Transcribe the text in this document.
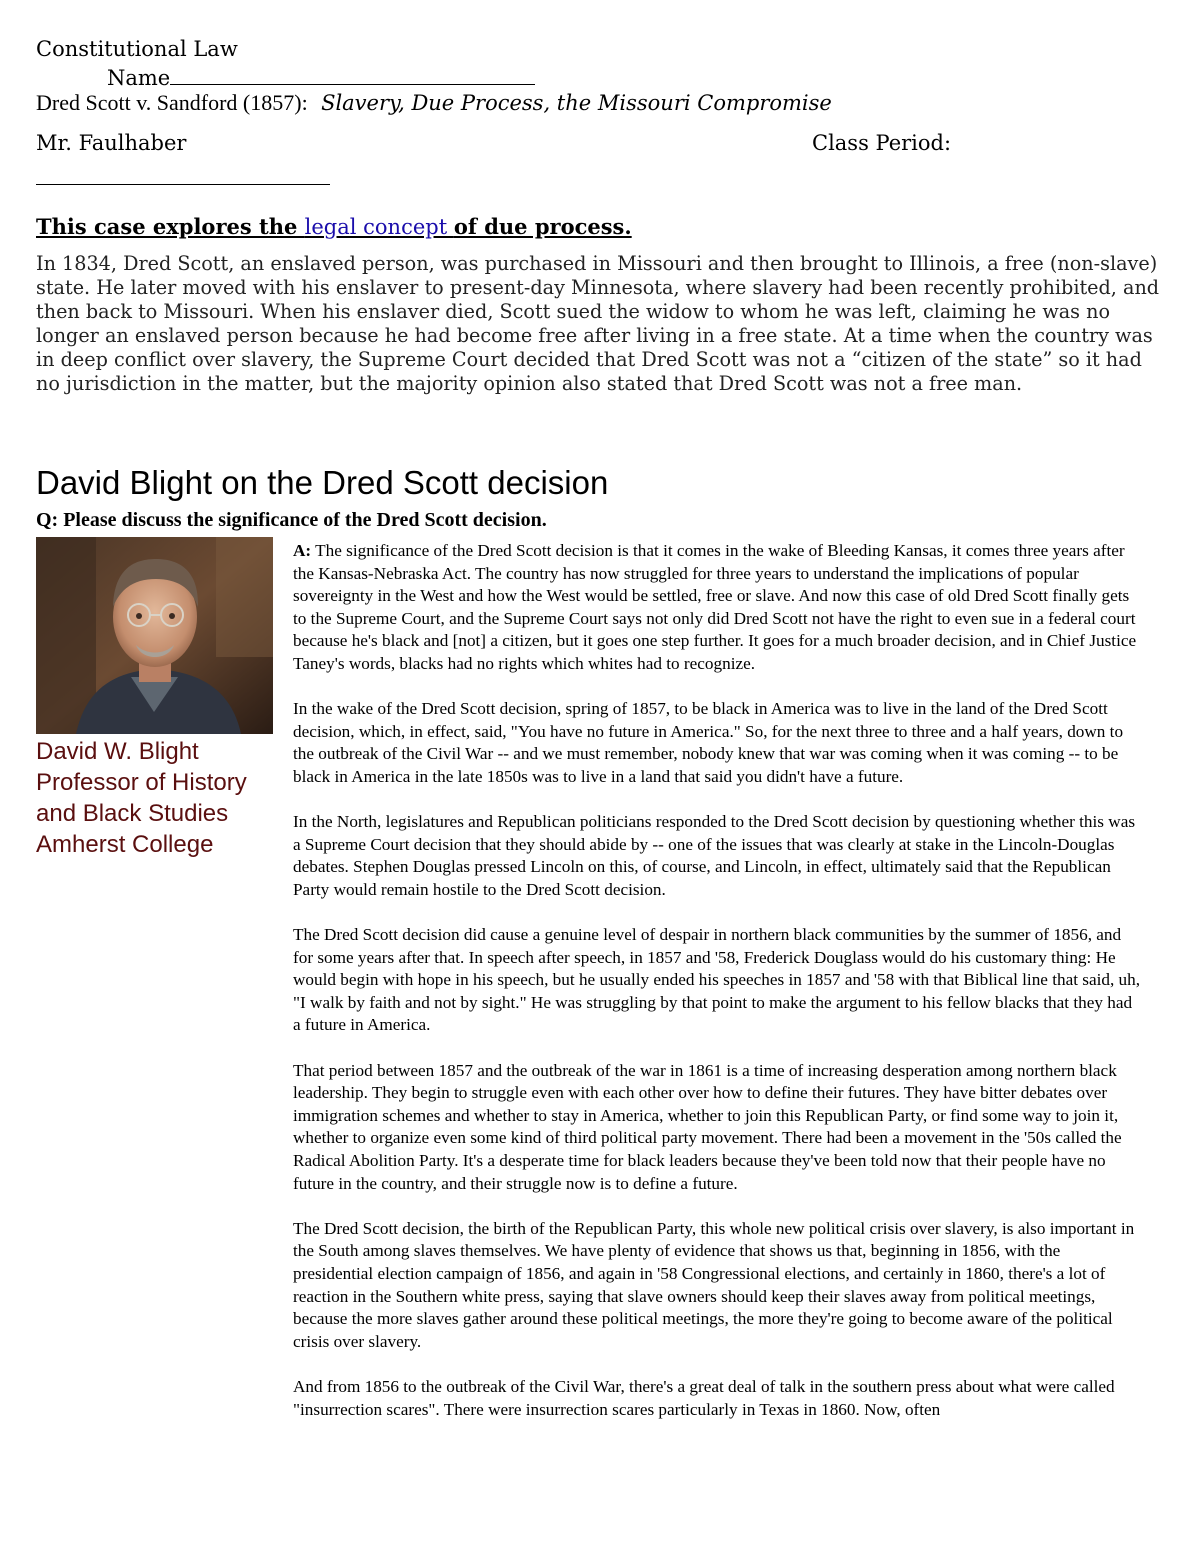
Constitutional Law
Name
Dred Scott v. Sandford (1857): Slavery, Due Process, the Missouri Compromise
Mr. Faulhaber	Class Period:
This case explores the legal concept of due process.
In 1834, Dred Scott, an enslaved person, was purchased in Missouri and then brought to Illinois, a free (non-slave) state. He later moved with his enslaver to present-day Minnesota, where slavery had been recently prohibited, and then back to Missouri. When his enslaver died, Scott sued the widow to whom he was left, claiming he was no longer an enslaved person because he had become free after living in a free state. At a time when the country was in deep conflict over slavery, the Supreme Court decided that Dred Scott was not a “citizen of the state” so it had no jurisdiction in the matter, but the majority opinion also stated that Dred Scott was not a free man.
David Blight on the Dred Scott decision
Q: Please discuss the significance of the Dred Scott decision.
David W. Blight
Professor of History
and Black Studies
Amherst College

A: The significance of the Dred Scott decision is that it comes in the wake of Bleeding Kansas, it comes three years after the Kansas-Nebraska Act. The country has now struggled for three years to understand the implications of popular sovereignty in the West and how the West would be settled, free or slave. And now this case of old Dred Scott finally gets to the Supreme Court, and the Supreme Court says not only did Dred Scott not have the right to even sue in a federal court because he's black and [not] a citizen, but it goes one step further. It goes for a much broader decision, and in Chief Justice Taney's words, blacks had no rights which whites had to recognize.

In the wake of the Dred Scott decision, spring of 1857, to be black in America was to live in the land of the Dred Scott decision, which, in effect, said, "You have no future in America." So, for the next three to three and a half years, down to the outbreak of the Civil War -- and we must remember, nobody knew that war was coming when it was coming -- to be black in America in the late 1850s was to live in a land that said you didn't have a future.

In the North, legislatures and Republican politicians responded to the Dred Scott decision by questioning whether this was a Supreme Court decision that they should abide by -- one of the issues that was clearly at stake in the Lincoln-Douglas debates. Stephen Douglas pressed Lincoln on this, of course, and Lincoln, in effect, ultimately said that the Republican Party would remain hostile to the Dred Scott decision.

The Dred Scott decision did cause a genuine level of despair in northern black communities by the summer of 1856, and for some years after that. In speech after speech, in 1857 and '58, Frederick Douglass would do his customary thing: He would begin with hope in his speech, but he usually ended his speeches in 1857 and '58 with that Biblical line that said, uh, "I walk by faith and not by sight." He was struggling by that point to make the argument to his fellow blacks that they had a future in America.

That period between 1857 and the outbreak of the war in 1861 is a time of increasing desperation among northern black leadership. They begin to struggle even with each other over how to define their futures. They have bitter debates over immigration schemes and whether to stay in America, whether to join this Republican Party, or find some way to join it, whether to organize even some kind of third political party movement. There had been a movement in the '50s called the Radical Abolition Party. It's a desperate time for black leaders because they've been told now that their people have no future in the country, and their struggle now is to define a future.

The Dred Scott decision, the birth of the Republican Party, this whole new political crisis over slavery, is also important in the South among slaves themselves. We have plenty of evidence that shows us that, beginning in 1856, with the presidential election campaign of 1856, and again in '58 Congressional elections, and certainly in 1860, there's a lot of reaction in the Southern white press, saying that slave owners should keep their slaves away from political meetings, because the more slaves gather around these political meetings, the more they're going to become aware of the political crisis over slavery.

And from 1856 to the outbreak of the Civil War, there's a great deal of talk in the southern press about what were called "insurrection scares". There were insurrection scares particularly in Texas in 1860. Now, often
